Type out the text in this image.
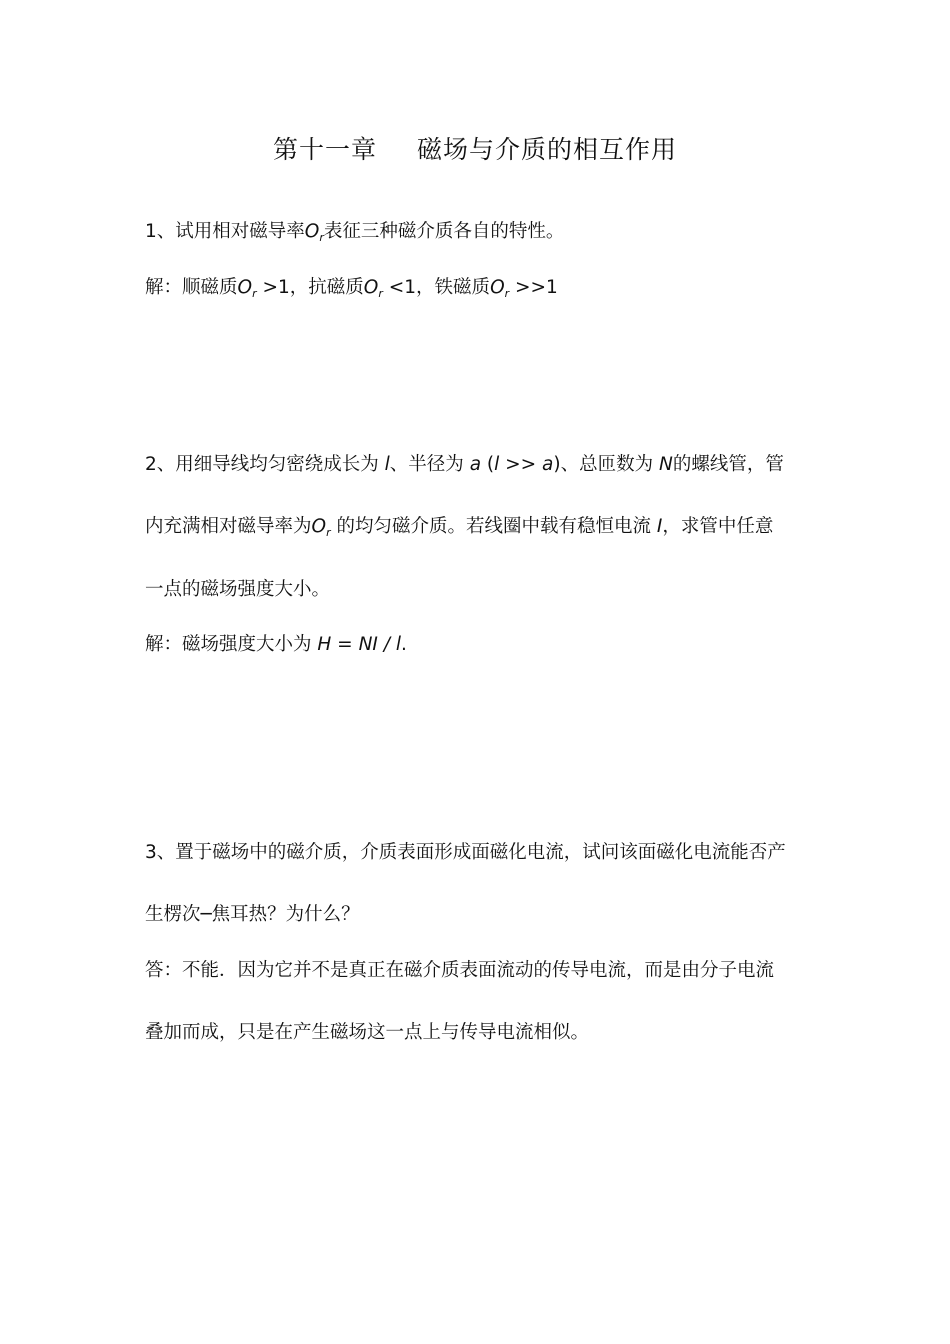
第十一章 磁场与介质的相互作用
1、试用相对磁导率$O_r$表征三种磁介质各自的特性。
解：顺磁质$O_r >1$，抗磁质$O_r <1$，铁磁质$O_r >>1$
2、用细导线均匀密绕成长为 l、半径为 a (l >> a)、总匝数为 N的螺线管，管
内充满相对磁导率为$O_r$ 的均匀磁介质。若线圈中载有稳恒电流 I，求管中任意
一点的磁场强度大小。
解：磁场强度大小为 H = NI / l.
3、置于磁场中的磁介质，介质表面形成面磁化电流，试问该面磁化电流能否产
生楞次─焦耳热？为什么？
答：不能．因为它并不是真正在磁介质表面流动的传导电流，而是由分子电流
叠加而成，只是在产生磁场这一点上与传导电流相似。
